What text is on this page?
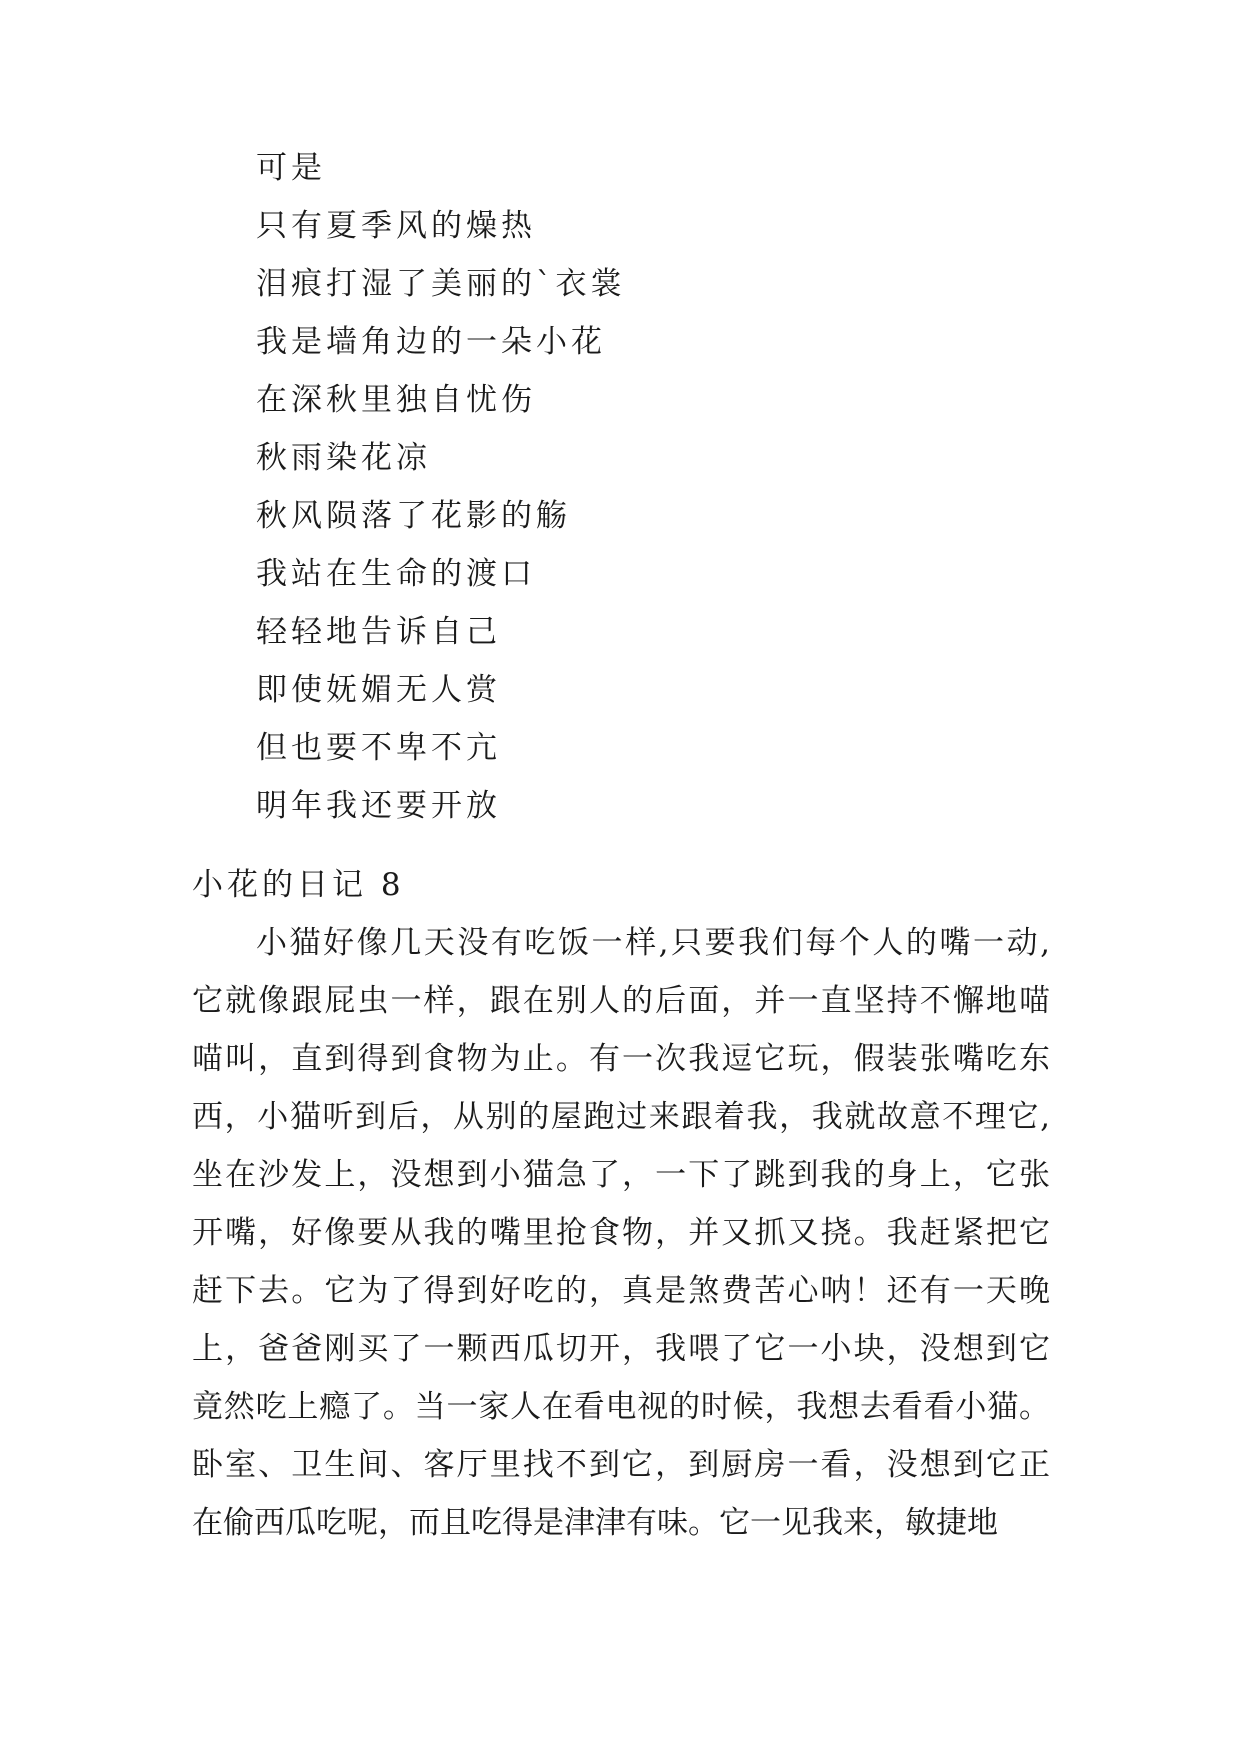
可是
只有夏季风的燥热
泪痕打湿了美丽的`衣裳
我是墙角边的一朵小花
在深秋里独自忧伤
秋雨染花凉
秋风陨落了花影的觞
我站在生命的渡口
轻轻地告诉自己
即使妩媚无人赏
但也要不卑不亢
明年我还要开放
小花的日记 8
小猫好像几天没有吃饭一样,只要我们每个人的嘴一动,
它就像跟屁虫一样，跟在别人的后面，并一直坚持不懈地喵
喵叫，直到得到食物为止。有一次我逗它玩，假装张嘴吃东
西，小猫听到后，从别的屋跑过来跟着我，我就故意不理它,
坐在沙发上，没想到小猫急了，一下了跳到我的身上，它张
开嘴，好像要从我的嘴里抢食物，并又抓又挠。我赶紧把它
赶下去。它为了得到好吃的，真是煞费苦心呐！还有一天晚
上，爸爸刚买了一颗西瓜切开，我喂了它一小块，没想到它
竟然吃上瘾了。当一家人在看电视的时候，我想去看看小猫。
卧室、卫生间、客厅里找不到它，到厨房一看，没想到它正
在偷西瓜吃呢，而且吃得是津津有味。它一见我来，敏捷地
